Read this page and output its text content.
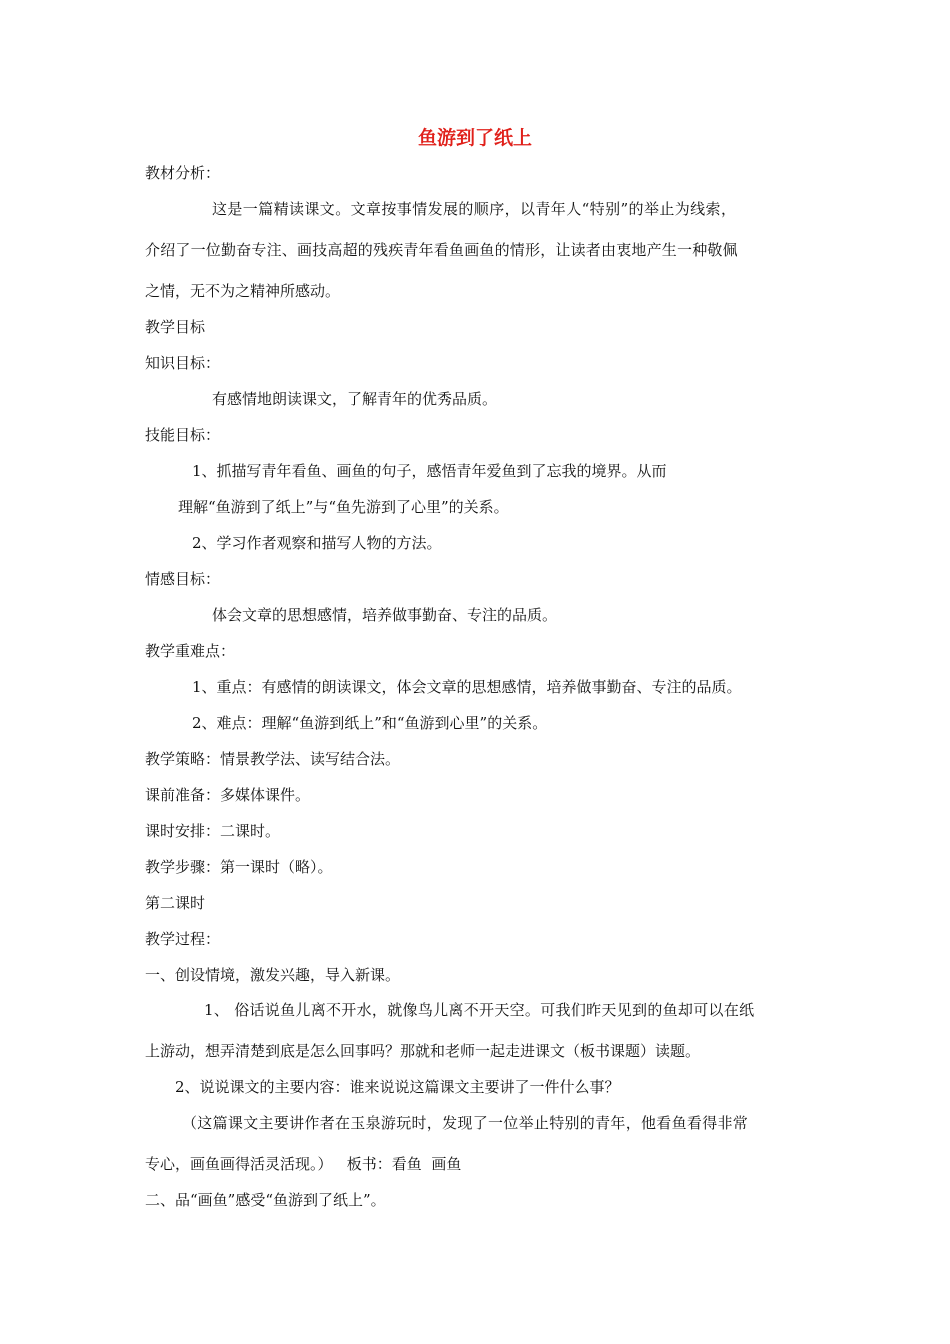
鱼游到了纸上
教材分析：
这是一篇精读课文。文章按事情发展的顺序，以青年人“特别”的举止为线索，
介绍了一位勤奋专注、画技高超的残疾青年看鱼画鱼的情形，让读者由衷地产生一种敬佩
之情，无不为之精神所感动。
教学目标
知识目标：
有感情地朗读课文，了解青年的优秀品质。
技能目标：
1、抓描写青年看鱼、画鱼的句子，感悟青年爱鱼到了忘我的境界。从而
理解“鱼游到了纸上”与“鱼先游到了心里”的关系。
2、学习作者观察和描写人物的方法。
情感目标：
体会文章的思想感情，培养做事勤奋、专注的品质。
教学重难点：
1、重点：有感情的朗读课文，体会文章的思想感情，培养做事勤奋、专注的品质。
2、难点：理解“鱼游到纸上”和“鱼游到心里”的关系。
教学策略：情景教学法、读写结合法。
课前准备：多媒体课件。
课时安排：二课时。
教学步骤：第一课时（略）。
第二课时
教学过程：
一、创设情境，激发兴趣，导入新课。
1、 俗话说鱼儿离不开水，就像鸟儿离不开天空。可我们昨天见到的鱼却可以在纸
上游动，想弄清楚到底是怎么回事吗？那就和老师一起走进课文（板书课题）读题。
2、说说课文的主要内容：谁来说说这篇课文主要讲了一件什么事？
（这篇课文主要讲作者在玉泉游玩时，发现了一位举止特别的青年，他看鱼看得非常
专心，画鱼画得活灵活现。）   板书：看鱼  画鱼
二、品“画鱼”感受“鱼游到了纸上”。
